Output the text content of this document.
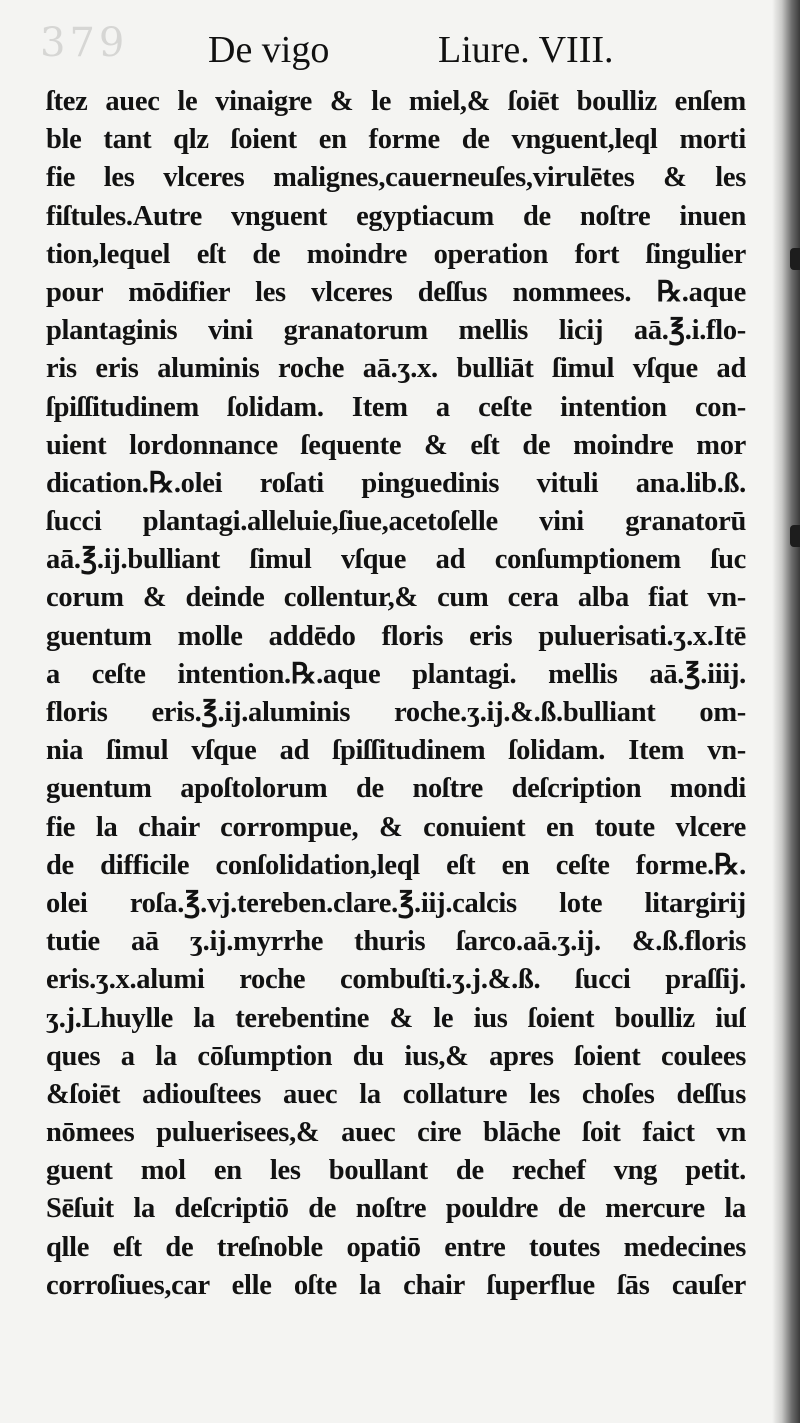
379 De vigo	Liure. VIII.
ſtez auec le vinaigre & le miel,& ſoiēt boulliz enſem
ble tant qlz ſoient en forme de vnguent,leql morti
fie les vlceres malignes,cauerneuſes,virulētes & les
fiſtules.Autre vnguent egyptiacum de noſtre inuen
tion,lequel eſt de moindre operation fort ſingulier
pour mōdifier les vlceres deſſus nommees. ℞.aque
plantaginis vini granatorum mellis licij aā.℥.i.flo-
ris eris aluminis roche aā.ʒ.x. bulliāt ſimul vſque ad
ſpiſſitudinem ſolidam. Item a ceſte intention con-
uient lordonnance ſequente & eſt de moindre mor
dication.℞.olei roſati pinguedinis vituli ana.lib.ß.
ſucci plantagi.alleluie,ſiue,acetoſelle vini granatorū
aā.℥.ij.bulliant ſimul vſque ad conſumptionem ſuc
corum & deinde collentur,& cum cera alba fiat vn-
guentum molle addēdo floris eris puluerisati.ʒ.x.Itē
a ceſte intention.℞.aque plantagi. mellis aā.℥.iiij.
floris eris.℥.ij.aluminis roche.ʒ.ij.&.ß.bulliant om-
nia ſimul vſque ad ſpiſſitudinem ſolidam. Item vn-
guentum apoſtolorum de noſtre deſcription mondi
fie la chair corrompue, & conuient en toute vlcere
de difficile conſolidation,leql eſt en ceſte forme.℞.
olei roſa.℥.vj.tereben.clare.℥.iij.calcis lote litargirij
tutie aā ʒ.ij.myrrhe thuris ſarco.aā.ʒ.ij. &.ß.floris
eris.ʒ.x.alumi roche combuſti.ʒ.j.&.ß. ſucci praſſij.
ʒ.j.Lhuylle la terebentine & le ius ſoient boulliz iuſ
ques a la cōſumption du ius,& apres ſoient coulees
&ſoiēt adiouſtees auec la collature les choſes deſſus
nōmees puluerisees,& auec cire blāche ſoit faict vn
guent mol en les boullant de rechef vng petit.
Sēſuit la deſcriptiō de noſtre pouldre de mercure la
qlle eſt de treſnoble opatiō entre toutes medecines
corroſiues,car elle oſte la chair ſuperflue ſās cauſer
